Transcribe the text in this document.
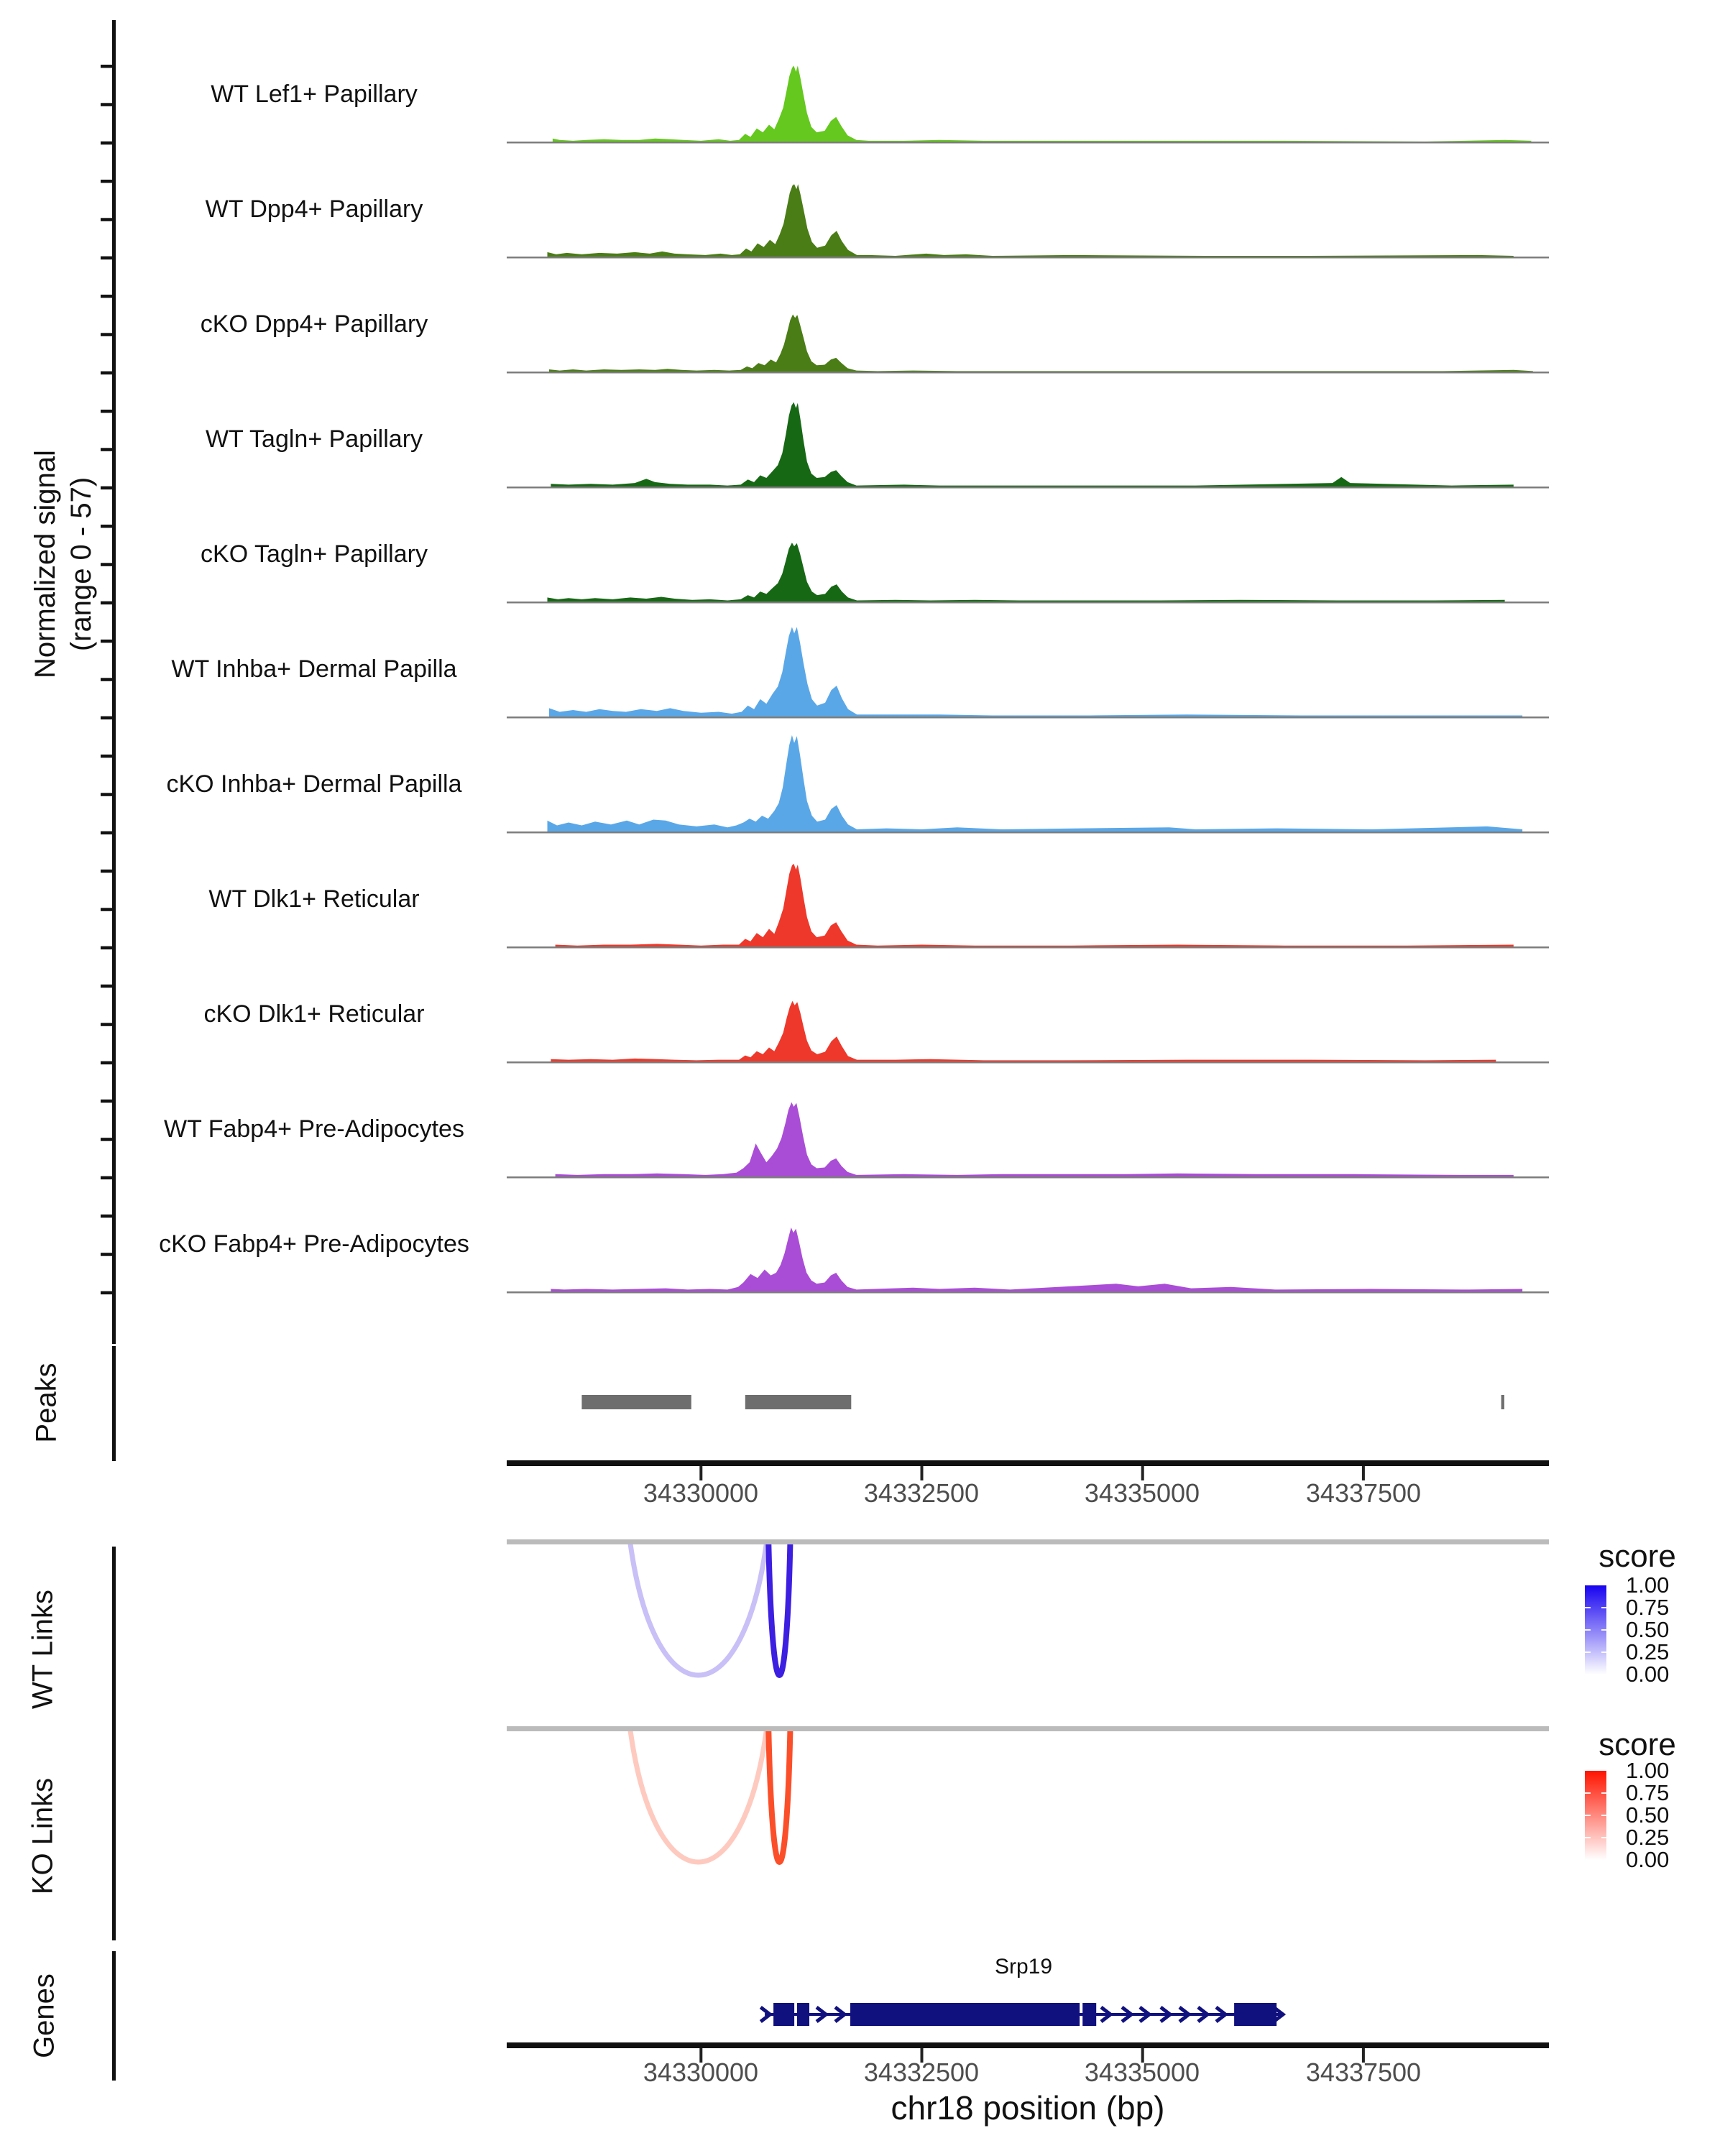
Normalized signal (range 0 - 57)
WT Lef1+ Papillary
WT Dpp4+ Papillary
cKO Dpp4+ Papillary
WT Tagln+ Papillary
cKO Tagln+ Papillary
WT Inhba+ Dermal Papilla
cKO Inhba+ Dermal Papilla
WT Dlk1+ Reticular
cKO Dlk1+ Reticular
WT Fabp4+ Pre-Adipocytes
cKO Fabp4+ Pre-Adipocytes
Peaks
WT Links
KO Links
Genes
34330000	34332500	34335000	34337500
score
1.00
0.75
0.50
0.25
0.00
score
1.00
0.75
0.50
0.25
0.00
Srp19
34330000	34332500	34335000	34337500
chr18 position (bp)
